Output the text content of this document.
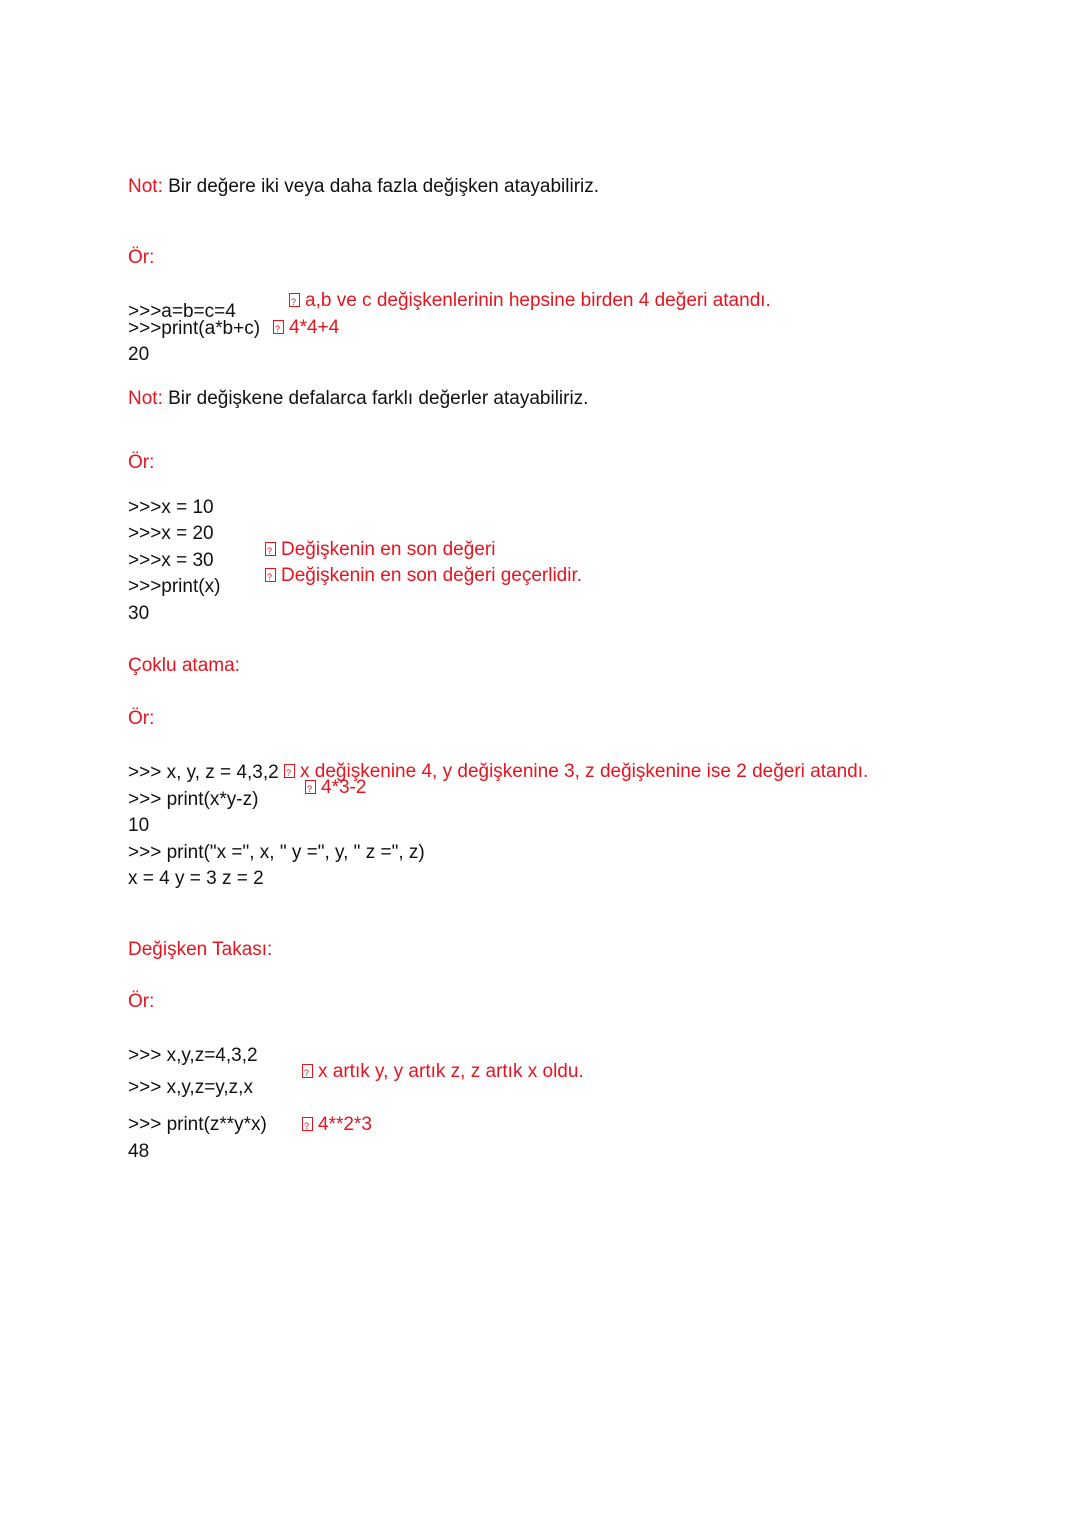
Not: Bir değere iki veya daha fazla değişken atayabiliriz.
Ör:
>>>a=b=c=4
>>>print(a*b+c)
20
?a,b ve c değişkenlerinin hepsine birden 4 değeri atandı.
?4*4+4
Not: Bir değişkene defalarca farklı değerler atayabiliriz.
Ör:
>>>x = 10
>>>x = 20
>>>x = 30
>>>print(x)
30
?Değişkenin en son değeri
?Değişkenin en son değeri geçerlidir.
Çoklu atama:
Ör:
>>> x, y, z = 4,3,2
>>> print(x*y-z)
10
>>> print("x =", x, " y =", y, " z =", z)
x = 4 y = 3 z = 2
?x değişkenine 4, y değişkenine 3, z değişkenine ise 2 değeri atandı.
?4*3-2
Değişken Takası:
Ör:
>>> x,y,z=4,3,2
>>> x,y,z=y,z,x
>>> print(z**y*x)
48
?x artık y, y artık z, z artık x oldu.
?4**2*3
